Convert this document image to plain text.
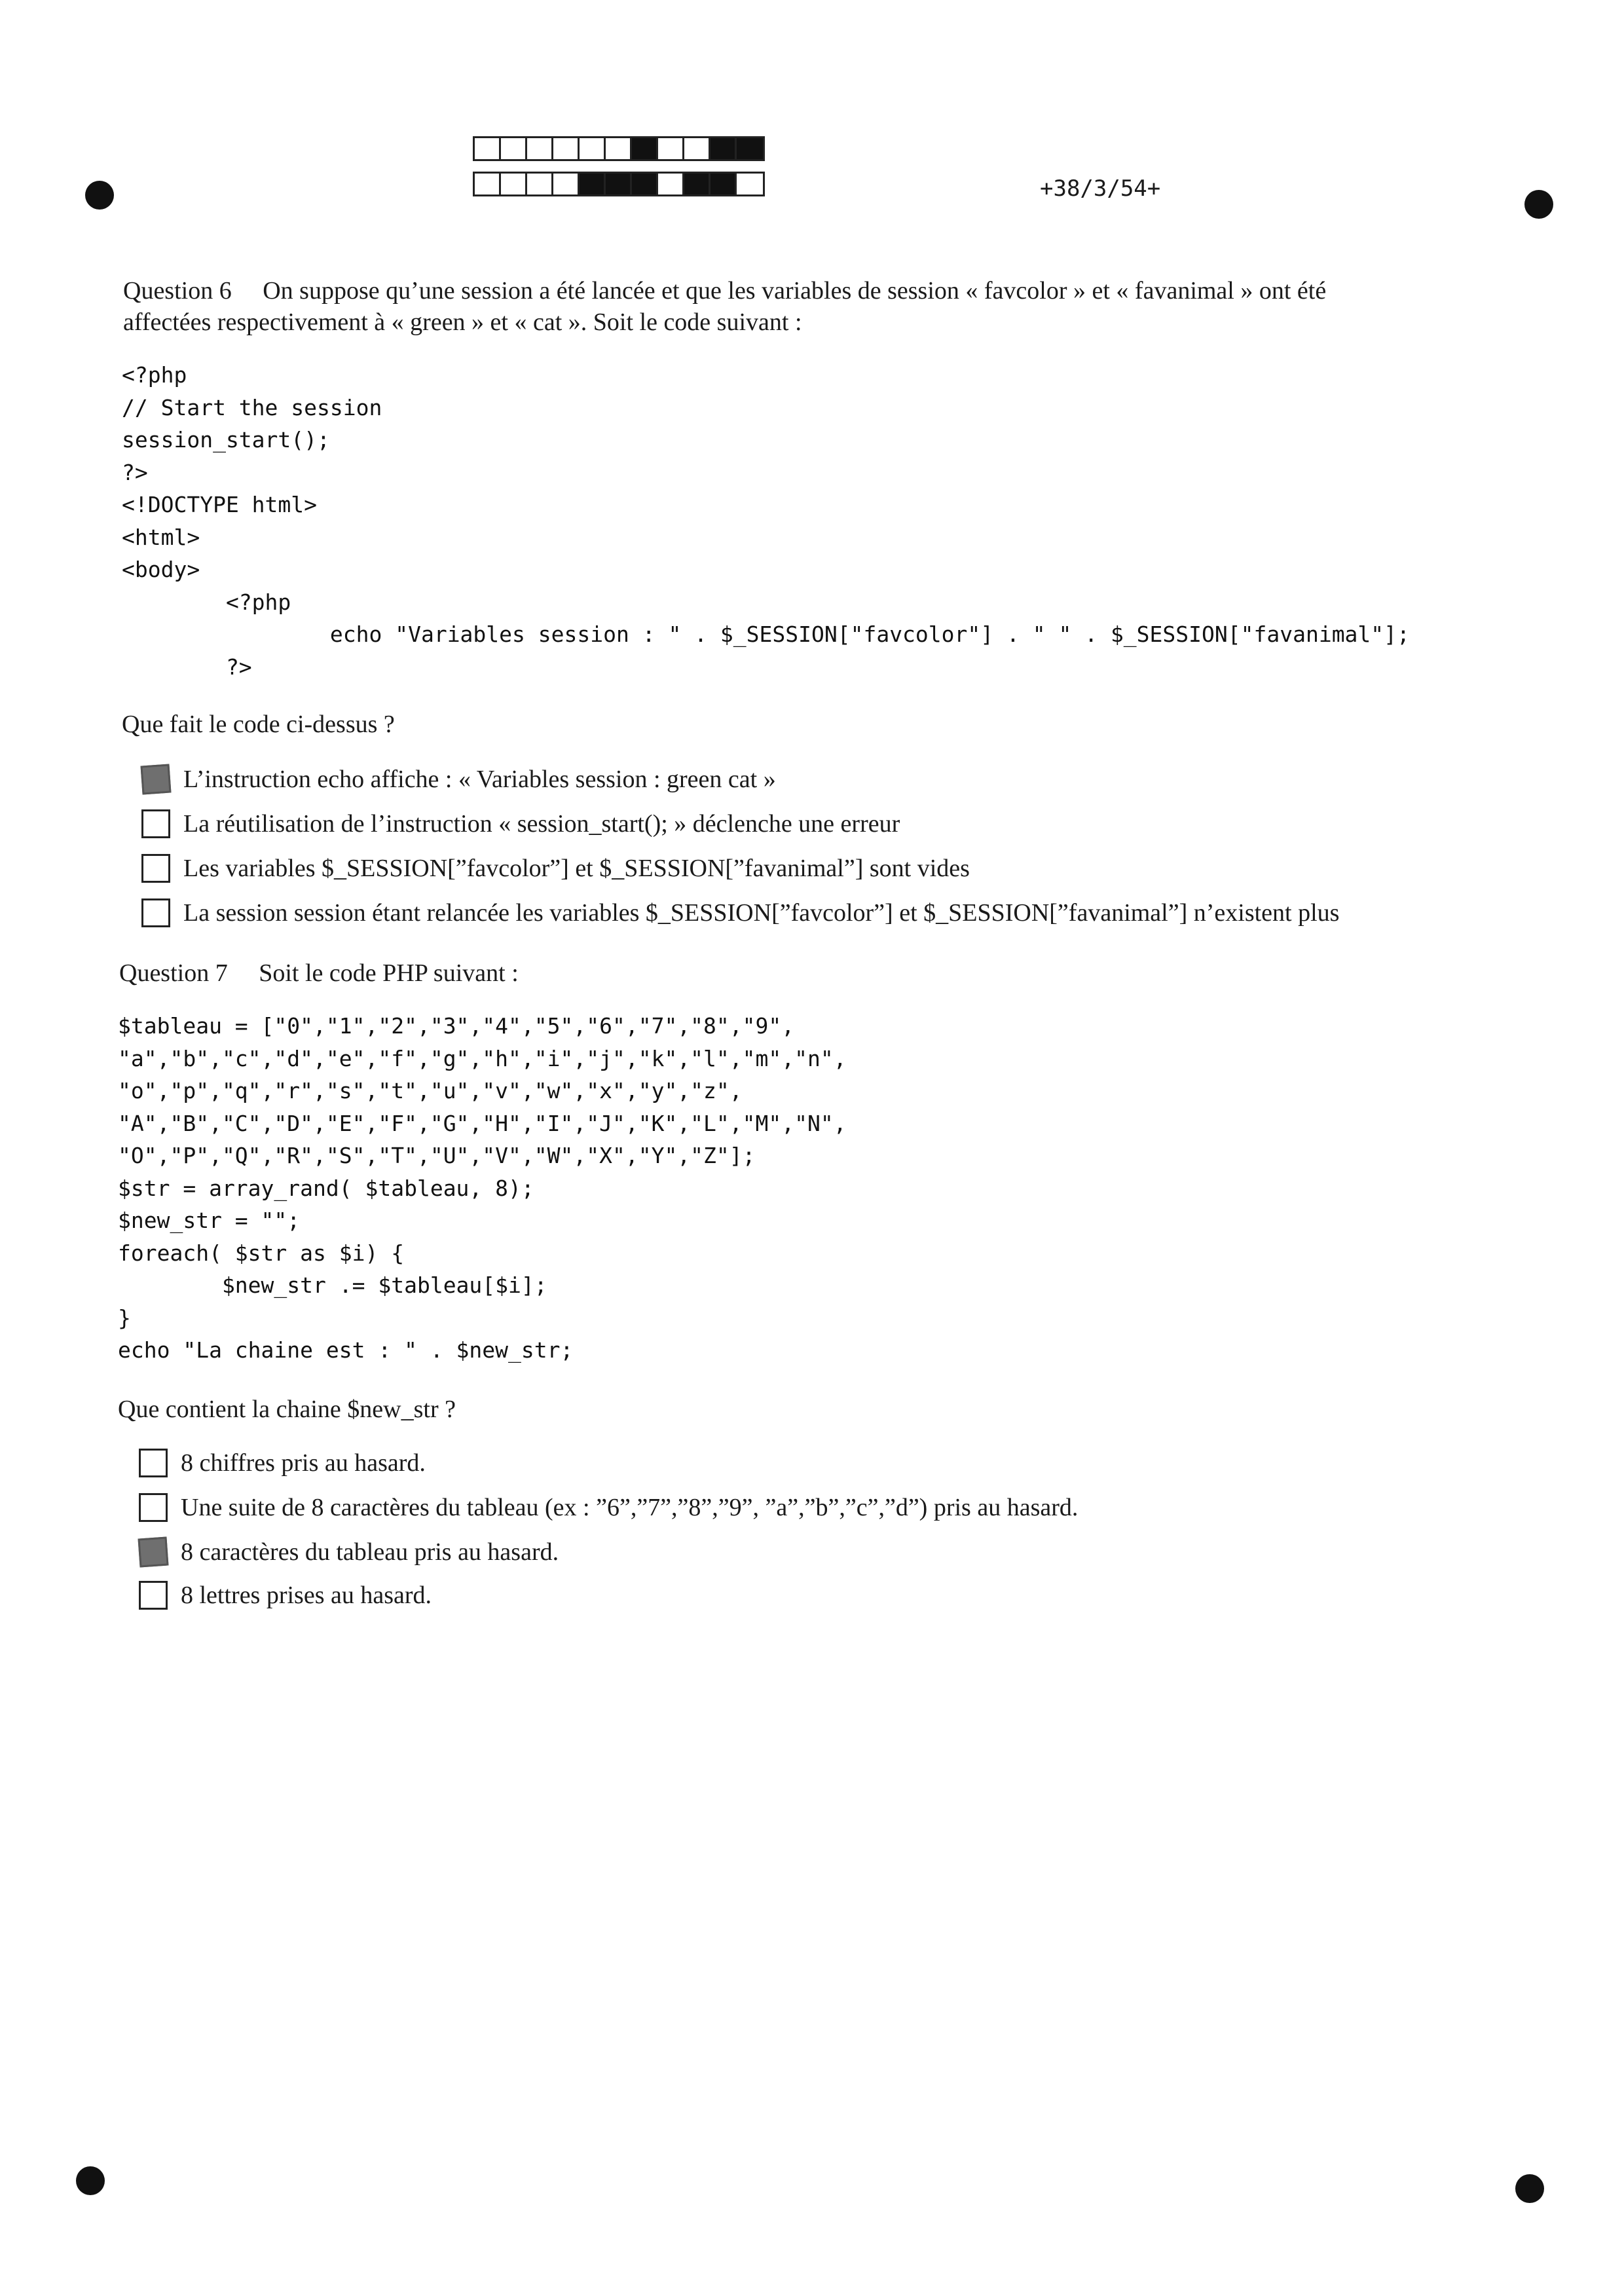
+38/3/54+
Question 6 On suppose qu’une session a été lancée et que les variables de session « favcolor » et « favanimal » ont été
affectées respectivement à « green » et « cat ». Soit le code suivant :
<?php
// Start the session
session_start();
?>
<!DOCTYPE html>
<html>
<body>
<?php
echo "Variables session : " . $_SESSION["favcolor"] . " " . $_SESSION["favanimal"];
?>
Que fait le code ci-dessus ?
L’instruction echo affiche : « Variables session : green cat »
La réutilisation de l’instruction « session_start(); » déclenche une erreur
Les variables $_SESSION[”favcolor”] et $_SESSION[”favanimal”] sont vides
La session session étant relancée les variables $_SESSION[”favcolor”] et $_SESSION[”favanimal”] n’existent plus
Question 7 Soit le code PHP suivant :
$tableau = ["0","1","2","3","4","5","6","7","8","9",
"a","b","c","d","e","f","g","h","i","j","k","l","m","n",
"o","p","q","r","s","t","u","v","w","x","y","z",
"A","B","C","D","E","F","G","H","I","J","K","L","M","N",
"O","P","Q","R","S","T","U","V","W","X","Y","Z"];
$str = array_rand( $tableau, 8);
$new_str = "";
foreach( $str as $i) {
$new_str .= $tableau[$i];
}
echo "La chaine est : " . $new_str;
Que contient la chaine $new_str ?
8 chiffres pris au hasard.
Une suite de 8 caractères du tableau (ex : ”6”,”7”,”8”,”9”, ”a”,”b”,”c”,”d”) pris au hasard.
8 caractères du tableau pris au hasard.
8 lettres prises au hasard.
